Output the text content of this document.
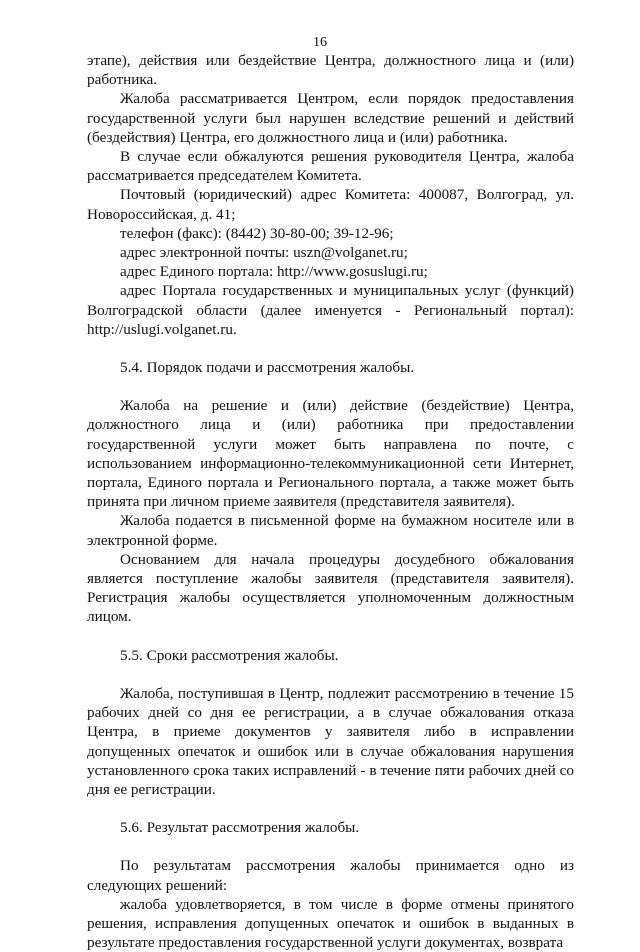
16

этапе), действия или бездействие Центра, должностного лица и (или) работника.

Жалоба рассматривается Центром, если порядок предоставления государственной услуги был нарушен вследствие решений и действий (бездействия) Центра, его должностного лица и (или) работника.

В случае если обжалуются решения руководителя Центра, жалоба рассматривается председателем Комитета.

Почтовый (юридический) адрес Комитета: 400087, Волгоград, ул. Новороссийская, д. 41;

телефон (факс): (8442) 30-80-00; 39-12-96;

адрес электронной почты: uszn@volganet.ru;

адрес Единого портала: http://www.gosuslugi.ru;

адрес Портала государственных и муниципальных услуг (функций) Волгоградской области (далее именуется - Региональный портал): http://uslugi.volganet.ru.

5.4. Порядок подачи и рассмотрения жалобы.

Жалоба на решение и (или) действие (бездействие) Центра, должностного лица и (или) работника при предоставлении государственной услуги может быть направлена по почте, с использованием информационно-телекоммуникационной сети Интернет, портала, Единого портала и Регионального портала, а также может быть принята при личном приеме заявителя (представителя заявителя).

Жалоба подается в письменной форме на бумажном носителе или в электронной форме.

Основанием для начала процедуры досудебного обжалования является поступление жалобы заявителя (представителя заявителя). Регистрация жалобы осуществляется уполномоченным должностным лицом.

5.5. Сроки рассмотрения жалобы.

Жалоба, поступившая в Центр, подлежит рассмотрению в течение 15 рабочих дней со дня ее регистрации, а в случае обжалования отказа Центра, в приеме документов у заявителя либо в исправлении допущенных опечаток и ошибок или в случае обжалования нарушения установленного срока таких исправлений - в течение пяти рабочих дней со дня ее регистрации.

5.6. Результат рассмотрения жалобы.

По результатам рассмотрения жалобы принимается одно из следующих решений:

жалоба удовлетворяется, в том числе в форме отмены принятого решения, исправления допущенных опечаток и ошибок в выданных в результате предоставления государственной услуги документах, возврата
